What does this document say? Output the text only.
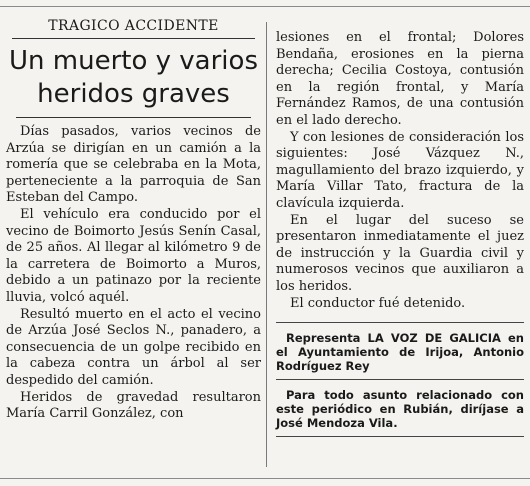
TRAGICO ACCIDENTE
Un muerto y varios heridos graves

Días pasados, varios vecinos de Arzúa se dirigían en un camión a la romería que se celebraba en la Mota, perteneciente a la parroquia de San Esteban del Campo.

El vehículo era conducido por el vecino de Boimorto Jesús Senín Casal, de 25 años. Al llegar al kilómetro 9 de la carretera de Boimorto a Muros, debido a un patinazo por la reciente lluvia, volcó aquél.

Resultó muerto en el acto el vecino de Arzúa José Seclos N., panadero, a consecuencia de un golpe recibido en la cabeza contra un árbol al ser despedido del camión.

Heridos de gravedad resultaron María Carril González, con

lesiones en el frontal; Dolores Bendaña, erosiones en la pierna derecha; Cecilia Costoya, contusión en la región frontal, y María Fernández Ramos, de una contusión en el lado derecho.

Y con lesiones de consideración los siguientes: José Vázquez N., magullamiento del brazo izquierdo, y María Villar Tato, fractura de la clavícula izquierda.

En el lugar del suceso se presentaron inmediatamente el juez de instrucción y la Guardia civil y numerosos vecinos que auxiliaron a los heridos.

El conductor fué detenido.

Representa LA VOZ DE GALICIA en el Ayuntamiento de Irijoa, Antonio Rodríguez Rey

Para todo asunto relacionado con este periódico en Rubián, diríjase a José Mendoza Vila.
